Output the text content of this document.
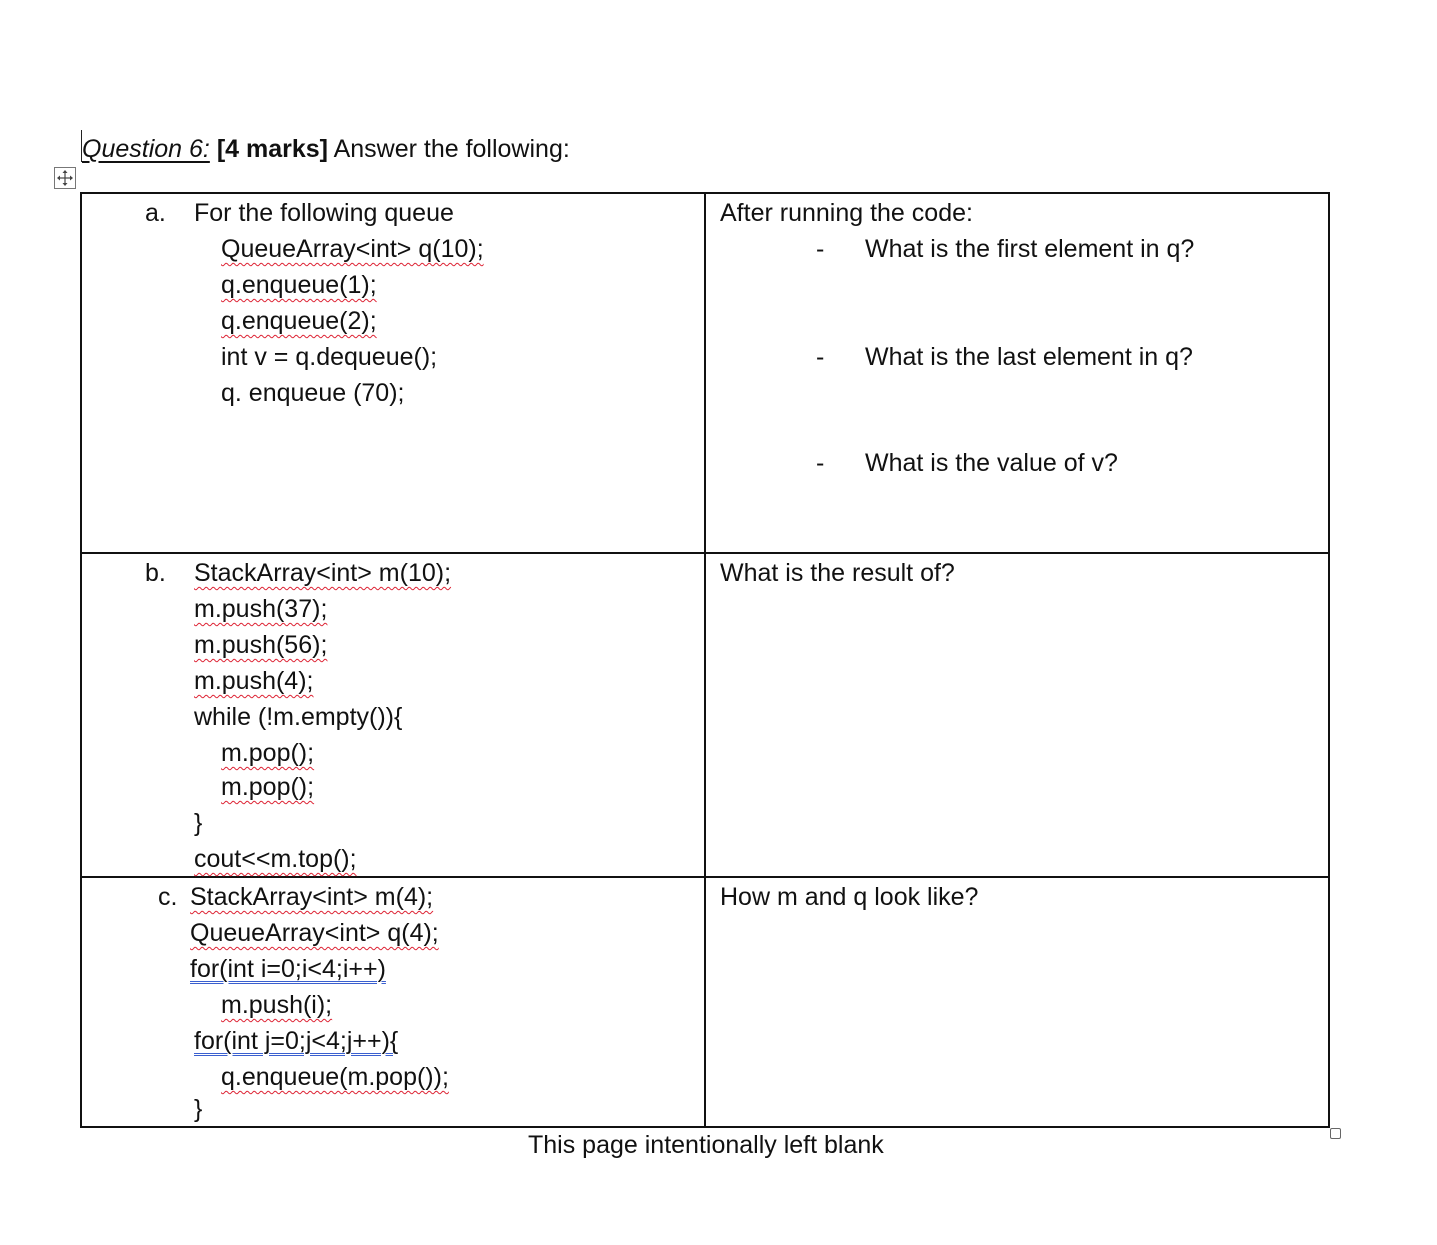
Question 6: [4 marks] Answer the following:
a. For the following queue
QueueArray<int> q(10);
q.enqueue(1);
q.enqueue(2);
int v = q.dequeue();
q. enqueue (70);
After running the code:
- What is the first element in q?
- What is the last element in q?
- What is the value of v?
b. StackArray<int> m(10);
m.push(37);
m.push(56);
m.push(4);
while (!m.empty()){
m.pop();
m.pop();
}
cout<<m.top();
What is the result of?
c. StackArray<int> m(4);
QueueArray<int> q(4);
for(int i=0;i<4;i++)
m.push(i);
for(int j=0;j<4;j++){
q.enqueue(m.pop());
}
How m and q look like?
This page intentionally left blank
